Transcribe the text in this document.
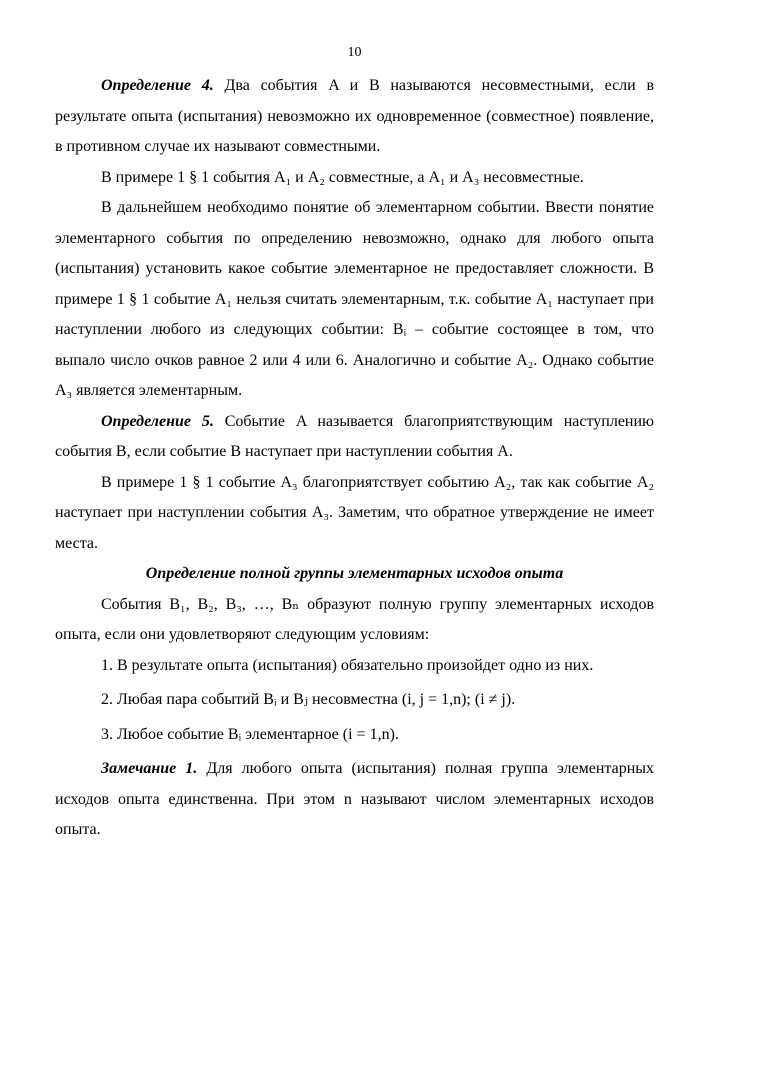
10

Определение 4. Два события A и B называются несовместными, если в результате опыта (испытания) невозможно их одновременное (совместное) появление, в противном случае их называют совместными.

В примере 1 § 1 события A₁ и A₂ совместные, а A₁ и A₃ несовместные.

В дальнейшем необходимо понятие об элементарном событии. Ввести понятие элементарного события по определению невозможно, однако для любого опыта (испытания) установить какое событие элементарное не предоставляет сложности. В примере 1 § 1 событие A₁ нельзя считать элементарным, т.к. событие A₁ наступает при наступлении любого из следующих событии: Bᵢ – событие состоящее в том, что выпало число очков равное 2 или 4 или 6. Аналогично и событие A₂. Однако событие A₃ является элементарным.

Определение 5. Событие A называется благоприятствующим наступлению события B, если событие B наступает при наступлении события A.

В примере 1 § 1 событие A₃ благоприятствует событию A₂, так как событие A₂ наступает при наступлении события A₃. Заметим, что обратное утверждение не имеет места.

Определение полной группы элементарных исходов опыта

События B₁, B₂, B₃, …, Bₙ образуют полную группу элементарных исходов опыта, если они удовлетворяют следующим условиям:

1. В результате опыта (испытания) обязательно произойдет одно из них.

2. Любая пара событий Bᵢ и Bⱼ несовместна (i, j = 1,n); (i ≠ j).

3. Любое событие Bᵢ элементарное (i = 1,n).

Замечание 1. Для любого опыта (испытания) полная группа элементарных исходов опыта единственна. При этом n называют числом элементарных исходов опыта.
